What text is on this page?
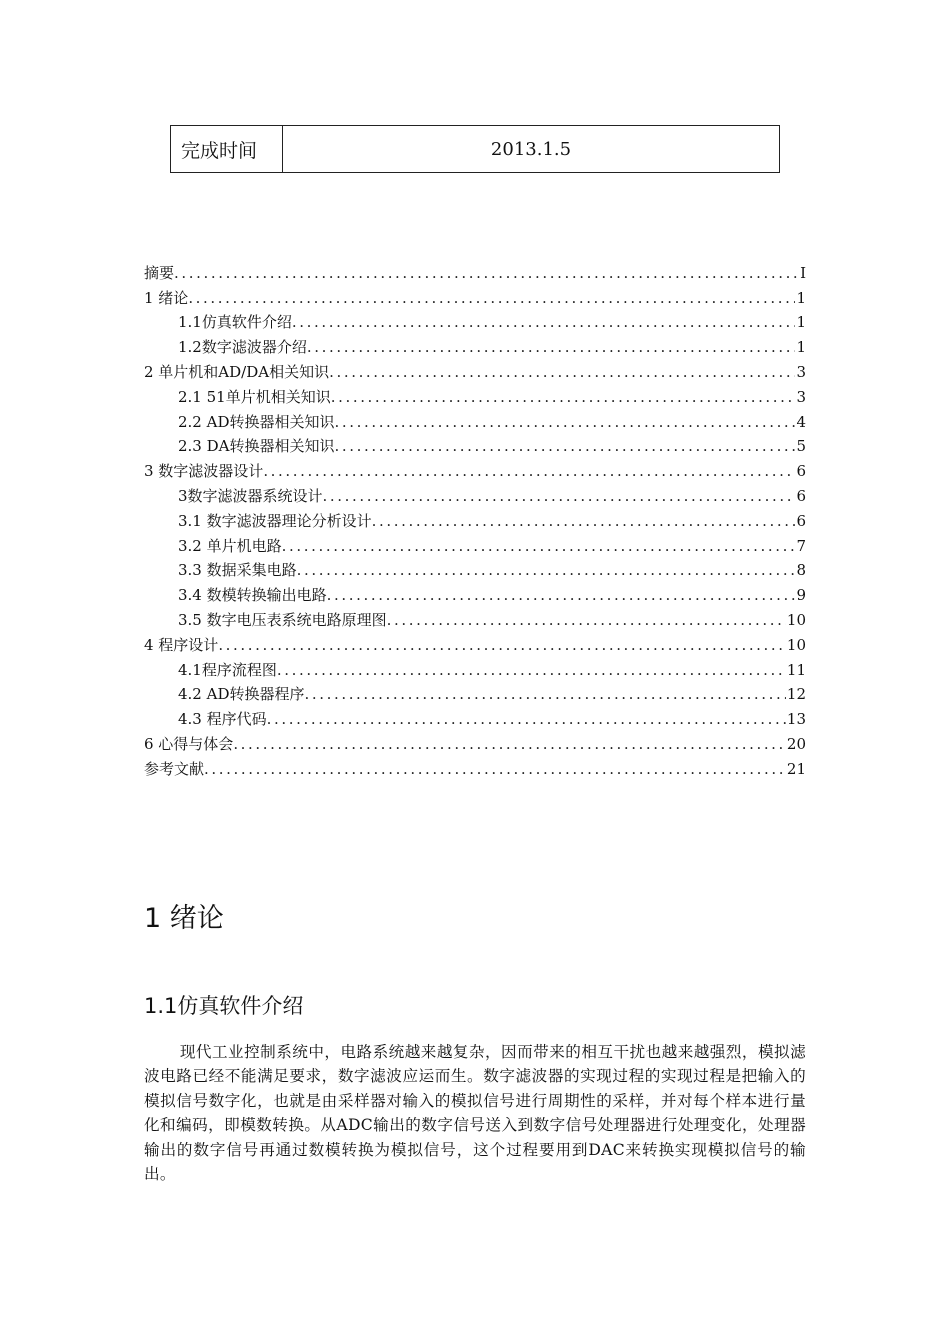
完成时间	2013.1.5
摘要 .....	I
1 绪论 .....	1
1.1仿真软件介绍 .....	1
1.2数字滤波器介绍 .....	1
2 单片机和AD/DA相关知识 .....	3
2.1 51单片机相关知识 .....	3
2.2 AD转换器相关知识 .....	4
2.3 DA转换器相关知识 .....	5
3 数字滤波器设计 .....	6
3数字滤波器系统设计 .....	6
3.1 数字滤波器理论分析设计 .....	6
3.2 单片机电路 .....	7
3.3 数据采集电路 .....	8
3.4 数模转换输出电路 .....	9
3.5 数字电压表系统电路原理图 .....	10
4 程序设计 .....	10
4.1程序流程图 .....	11
4.2 AD转换器程序 .....	12
4.3 程序代码 .....	13
6 心得与体会 .....	20
参考文献 .....	21
1 绪论
1.1仿真软件介绍

现代工业控制系统中，电路系统越来越复杂，因而带来的相互干扰也越来越强烈，模拟滤波电路已经不能满足要求，数字滤波应运而生。数字滤波器的实现过程的实现过程是把输入的模拟信号数字化，也就是由采样器对输入的模拟信号进行周期性的采样，并对每个样本进行量化和编码，即模数转换。从ADC输出的数字信号送入到数字信号处理器进行处理变化，处理器输出的数字信号再通过数模转换为模拟信号，这个过程要用到DAC来转换实现模拟信号的输出。
